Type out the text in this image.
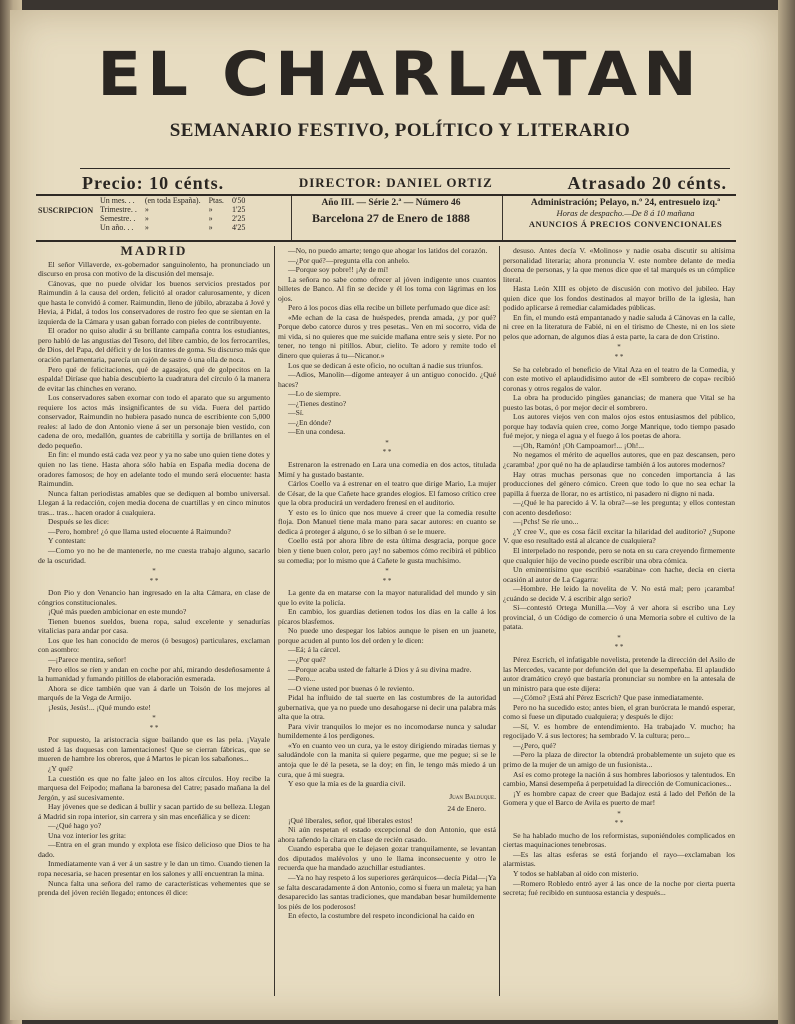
EL CHARLATAN
SEMANARIO FESTIVO, POLÍTICO Y LITERARIO
Precio: 10 cénts.	DIRECTOR: DANIEL ORTIZ	Atrasado 20 cénts.
SUSCRIPCION
Un mes. . .	(en toda España).	Ptas.	0'50
Trimestre. .	»	»	1'25
Semestre. .	»	»	2'25
Un año. . .	»	»	4'25
Año III. — Série 2.ª — Número 46
Barcelona 27 de Enero de 1888
Administración; Pelayo, n.º 24, entresuelo izq.ª
Horas de despacho.—De 8 á 10 mañana
ANUNCIOS Á PRECIOS CONVENCIONALES

MADRID

El señor Villaverde, ex-gobernador sanguinolento, ha pronunciado un discurso en prosa con motivo de la discusión del mensaje.

Cánovas, que no puede olvidar los buenos servicios prestados por Raimundin á la causa del orden, felicitó al orador calurosamente, y dicen que hasta le convidó á comer. Raimundin, lleno de júbilo, abrazaba á Jové y Hevia, á Pidal, á todos los conservadores de rostro feo que se sientan en la izquierda de la Cámara y usan gaban forrado con pieles de contribuyente.

El orador no quiso aludir á su brillante campaña contra los estudiantes, pero habló de las angustias del Tesoro, del libre cambio, de los ferrocarriles, de Dios, del Papa, del déficit y de los tirantes de goma. Su discurso más que oración parlamentaria, parecía un cajón de sastre ó una olla de noca.

Pero qué de felicitaciones, qué de agasajos, qué de golpecitos en la espalda! Diríase que había descubierto la cuadratura del círculo ó la manera de evitar las chinches en verano.

Los conservadores saben exornar con todo el aparato que su argumento requiere los actos más insignificantes de su vida. Fuera del partido conservador, Raimundin no hubiera pasado nunca de escribiente con 5,000 reales: al lado de don Antonio viene á ser un personaje bien vestido, con cadena de oro, medallón, guantes de cabritilla y sortija de brillantes en el dedo pequeño.

En fin: el mundo está cada vez peor y ya no sabe uno quien tiene dotes y quien no las tiene. Hasta ahora sólo había en España media docena de oradores famosos; de hoy en adelante todo el mundo será elocuente: hasta Raimundin.

Nunca faltan periodistas amables que se dediquen al bombo universal. Llegan á la redacción, cojen media docena de cuartillas y en cinco minutos tras... tras... hacen orador á cualquiera.

Después se les dice:

—Pero, hombre! ¿ó que llama usted elocuente á Raimundo?

Y contestan:

—Como yo no he de mantenerle, no me cuesta trabajo alguno, sacarlo de la oscuridad.

*
* *

Don Pio y don Venancio han ingresado en la alta Cámara, en clase de cóngrios constitucionales.

¡Qué más pueden ambicionar en este mundo?

Tienen buenos sueldos, buena ropa, salud excelente y senadurías vitalicias para andar por casa.

Los que les han conocido de meros (ó besugos) particulares, exclaman con asombro:

—¡Parece mentira, señor!

Pero ellos se ríen y andan en coche por ahí, mirando desdeñosamente á la humanidad y fumando pitillos de elaboración esmerada.

Ahora se dice también que van á darle un Toisón de los mejores al marqués de la Vega de Armijo.

¡Jesús, Jesús!... ¡Qué mundo este!

*
* *

Por supuesto, la aristocracia sigue bailando que es las pela. ¡Vayale usted á las duquesas con lamentaciones! Que se cierran fábricas, que se mueren de hambre los obreros, que á Martos le pican los sabañones...

¿Y qué?

La cuestión es que no falte jaleo en los altos círculos. Hoy recibe la marquesa del Feipodo; mañana la baronesa del Catre; pasado mañana la del Jergón, y así sucesivamente.

Hay jóvenes que se dedican á bullir y sacan partido de su belleza. Llegan á Madrid sin ropa interior, sin carrera y sin mas enceñálica y se dicen:

—¿Qué hago yo?

Una voz interior les grita:

—Entra en el gran mundo y explota ese físico delicioso que Dios te ha dado.

Inmediatamente van á ver á un sastre y le dan un timo. Cuando tienen la ropa necesaria, se hacen presentar en los salones y allí encuentran la mina.

Nunca falta una señora del ramo de características vehementes que se prenda del jóven recién llegado; entonces él dice:

—No, no puedo amarte; tengo que ahogar los latidos del corazón.

—¿Por qué?—pregunta ella con anhelo.

—Porque soy pobre!! ¡Ay de mí!

La señora no sabe como ofrecer al jóven indigente unos cuantos billetes de Banco. Al fin se decide y él los toma con lágrimas en los ojos.

Pero á los pocos días ella recibe un billete perfumado que dice así:

«Me echan de la casa de huéspedes, prenda amada, ¿y por qué? Porque debo catorce duros y tres pesetas.. Ven en mi socorro, vida de mi vida, si no quieres que me suicide mañana entre seis y siete. Por no tener, no tengo ni pitillos. Abur, cielito. Te adoro y remite todo el dinero que quieras á tu—Nicanor.»

Los que se dedican á este oficio, no ocultan á nadie sus triunfos.

—Adios, Manolín—dígome anteayer á un antiguo conocido. ¿Qué haces?

—Lo de siempre.

—¿Tienes destino?

—Sí.

—¿En dónde?

—En una condesa.

*
* *

Estrenaron la estrenado en Lara una comedia en dos actos, titulada Mimí y ha gustado bastante.

Cárlos Coello va á estrenar en el teatro que dirige Mario, La mujer de César, de la que Cañete hace grandes elogios. El famoso crítico cree que la obra producirá un verdadero frenesí en el auditorio.

Y esto es lo único que nos mueve á creer que la comedia resulte floja. Don Manuel tiene mala mano para sacar autores: en cuanto se dedica á proteger á alguno, ó se lo silban ó se le muere.

Coello está por ahora libre de esta última desgracia, porque goce bien y tiene buen color, pero ¡ay! no sabemos cómo recibirá el público su comedia; por lo mismo que á Cañete le gusta muchísimo.

*
* *

La gente da en matarse con la mayor naturalidad del mundo y sin que lo evite la policía.

En cambio, los guardias detienen todos los días en la calle á los pícaros blasfemos.

No puede uno despegar los labios aunque le pisen en un juanete, porque acuden al punto los del orden y le dicen:

—Eá; á la cárcel.

—¿Por qué?

—Porque acaba usted de faltarle á Dios y á su divina madre.

—Pero...

—O viene usted por buenas ó le reviento.

Pidal ha influido de tal suerte en las costumbres de la autoridad gubernativa, que ya no puede uno desahogarse ni decir una palabra más alta que la otra.

Para vivir tranquilos lo mejor es no incomodarse nunca y saludar humildemente á los perdigones.

«Yo en cuanto veo un cura, ya le estoy dirigiendo miradas tiernas y saludándole con la manita si quiere pegarme, que me pegue; si se le antoja que le dé la peseta, se la doy; en fin, le tengo más miedo á un cura, que á mi suegra.

Y eso que la mía es de la guardia civil.

Juan Balduque.

24 de Enero.

¡Qué liberales, señor, qué liberales estos!

Ni aún respetan el estado excepcional de don Antonio, que está ahora tañendo la cítara en clase de recién casado.

Cuando esperaba que le dejasen gozar tranquilamente, se levantan dos diputados malévolos y uno le llama inconsecuente y otro le recuerda que ha mandado azuchillar estudiantes.

—Ya no hay respeto á los superiores gerárquicos—decía Pidal—¡Ya se falta descaradamente á don Antonio, como si fuera un maleta; ya han desaparecido las santas tradiciones, que mandaban besar humildemente los piés de los poderosos!

En efecto, la costumbre del respeto incondicional ha caido en

desuso. Antes decía V. «Molinos» y nadie osaba discutir su altísima personalidad literaria; ahora pronuncia V. este nombre delante de media docena de personas, y la que menos dice que el tal marqués es un cómplice literal.

Hasta León XIII es objeto de discusión con motivo del jubileo. Hay quien dice que los fondos destinados al mayor brillo de la iglesia, han podido aplicarse á remediar calamidades públicas.

En fin, el mundo está empantanado y nadie saluda á Cánovas en la calle, ni cree en la literatura de Fabié, ni en el tirismo de Cheste, ni en los siete pelos que adornan, de algunos días á esta parte, la cara de don Cristino.

*
* *

Se ha celebrado el beneficio de Vital Aza en el teatro de la Comedia, y con este motivo el aplaudidísimo autor de «El sombrero de copa» recibió coronas y otros regalos de valor.

La obra ha producido pingües ganancias; de manera que Vital se ha puesto las botas, ó por mejor decir el sombrero.

Los autores viejos ven con malos ojos estos entusiasmos del público, porque hay todavía quien cree, como Jorge Manrique, todo tiempo pasado fué mejor, y niega el agua y el fuego á los poetas de ahora.

—¡Oh, Ramón! ¡Oh Campoamor!... ¡Oh!...

No negamos el mérito de aquellos autores, que en paz descansen, pero ¿caramba! ¿por qué no ha de aplaudirse también á los autores modernos?

Hay otras muchas personas que no conceden importancia á las producciones del género cómico. Creen que todo lo que no sea echar la papilla á fuerza de llorar, no es artístico, ni pasadero ni digno ni nada.

—¿Qué le ha parecido á V. la obra?—se les pregunta; y ellos contestan con acento desdeñoso:

—¡Pchs! Se ríe uno...

¿Y cree V., que es cosa fácil excitar la hilaridad del auditorio? ¿Supone V. que eso resultado está al alcance de cualquiera?

El interpelado no responde, pero se nota en su cara creyendo firmemente que cualquier hijo de vecino puede escribir una obra cómica.

Un eminentísimo que escribió «sarabina» con hache, decía en cierta ocasión al autor de La Cagarra:

—Hombre. He leido la novelita de V. No está mal; pero ¡caramba! ¿cuándo se decide V. á escribir algo serio?

Sí—contestó Ortega Munilla.—Voy á ver ahora si escribo una Ley provincial, ó un Código de comercio ó una Memoria sobre el cultivo de la patata.

*
* *

Pérez Escrich, el infatigable novelista, pretende la dirección del Asilo de las Mercedes, vacante por defunción del que la desempeñaba. El aplaudido autor dramático creyó que bastaría pronunciar su nombre en la antesala de un ministro para que este dijera:

—¿Cómo? ¡Está ahí Pérez Escrich? Que pase inmediatamente.

Pero no ha sucedido esto; antes bien, el gran burócrata le mandó esperar, como si fuese un diputado cualquiera; y después le dijo:

—Sí, V. es hombre de entendimiento. Ha trabajado V. mucho; ha regocijado V. á sus lectores; ha sembrado V. la cultura; pero...

—¿Pero, qué?

—Pero la plaza de director la obtendrá probablemente un sujeto que es primo de la mujer de un amigo de un fusionista...

Así es como protege la nación á sus hombres laboriosos y talentudos. En cambio, Mansi desempeña á perpetuidad la dirección de Comunicaciones...

¡Y es hombre capaz de creer que Badajoz está á lado del Peñón de la Gomera y que el Barco de Avila es puerto de mar!

*
* *

Se ha hablado mucho de los reformistas, suponiéndoles complicados en ciertas maquinaciones tenebrosas.

—Es las altas esferas se está forjando el rayo—exclamaban los alarmistas.

Y todos se hablaban al oido con misterio.

—Romero Robledo entró ayer á las once de la noche por cierta puerta secreta; fué recibido en suntuosa estancia y después...
